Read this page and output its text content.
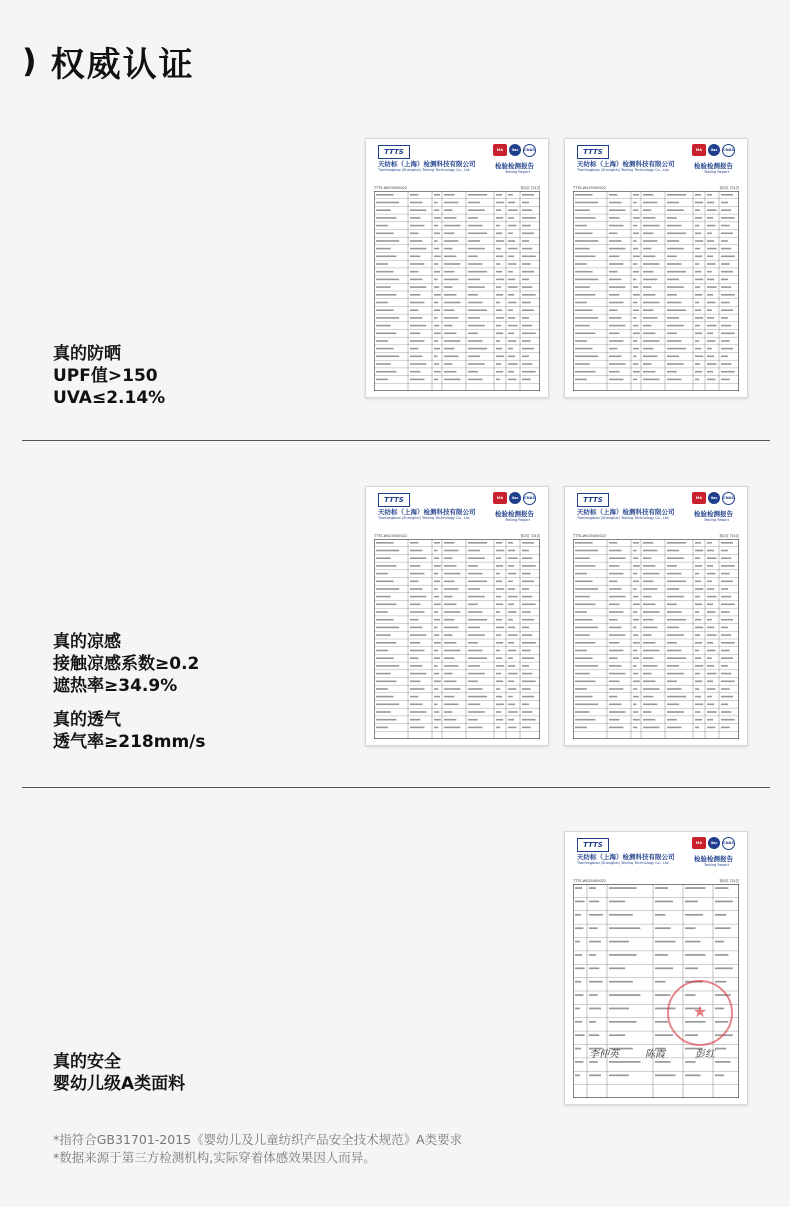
) 权威认证
真的防晒
UPF值>150
UVA≤2.14%
TTTS
天纺标（上海）检测科技有限公司
Tianfangbiao (Shanghai) Testing Technology Co., Ltd.
MA	ilac	CNAS
检验检测报告
Testing Report
TTTS-W025000022	第2页 共4页
TTTS
天纺标（上海）检测科技有限公司
Tianfangbiao (Shanghai) Testing Technology Co., Ltd.
MA	ilac	CNAS
检验检测报告
Testing Report
TTTS-W025000022	第2页 共4页
真的凉感
接触凉感系数≥0.2
遮热率≥34.9%
真的透气
透气率≥218mm/s
TTTS
天纺标（上海）检测科技有限公司
Tianfangbiao (Shanghai) Testing Technology Co., Ltd.
MA	ilac	CNAS
检验检测报告
Testing Report
TTTS-W025000022	第2页 共4页
TTTS
天纺标（上海）检测科技有限公司
Tianfangbiao (Shanghai) Testing Technology Co., Ltd.
MA	ilac	CNAS
检验检测报告
Testing Report
TTTS-W025000022	第2页 共4页
真的安全
婴幼儿级A类面料
TTTS
天纺标（上海）检测科技有限公司
Tianfangbiao (Shanghai) Testing Technology Co., Ltd.
MA	ilac	CNAS
检验检测报告
Testing Report
TTTS-W025000022	第2页 共4页
★
李仲英	陈霞	彭红
*指符合GB31701-2015《婴幼儿及儿童纺织产品安全技术规范》A类要求
*数据来源于第三方检测机构,实际穿着体感效果因人而异。
